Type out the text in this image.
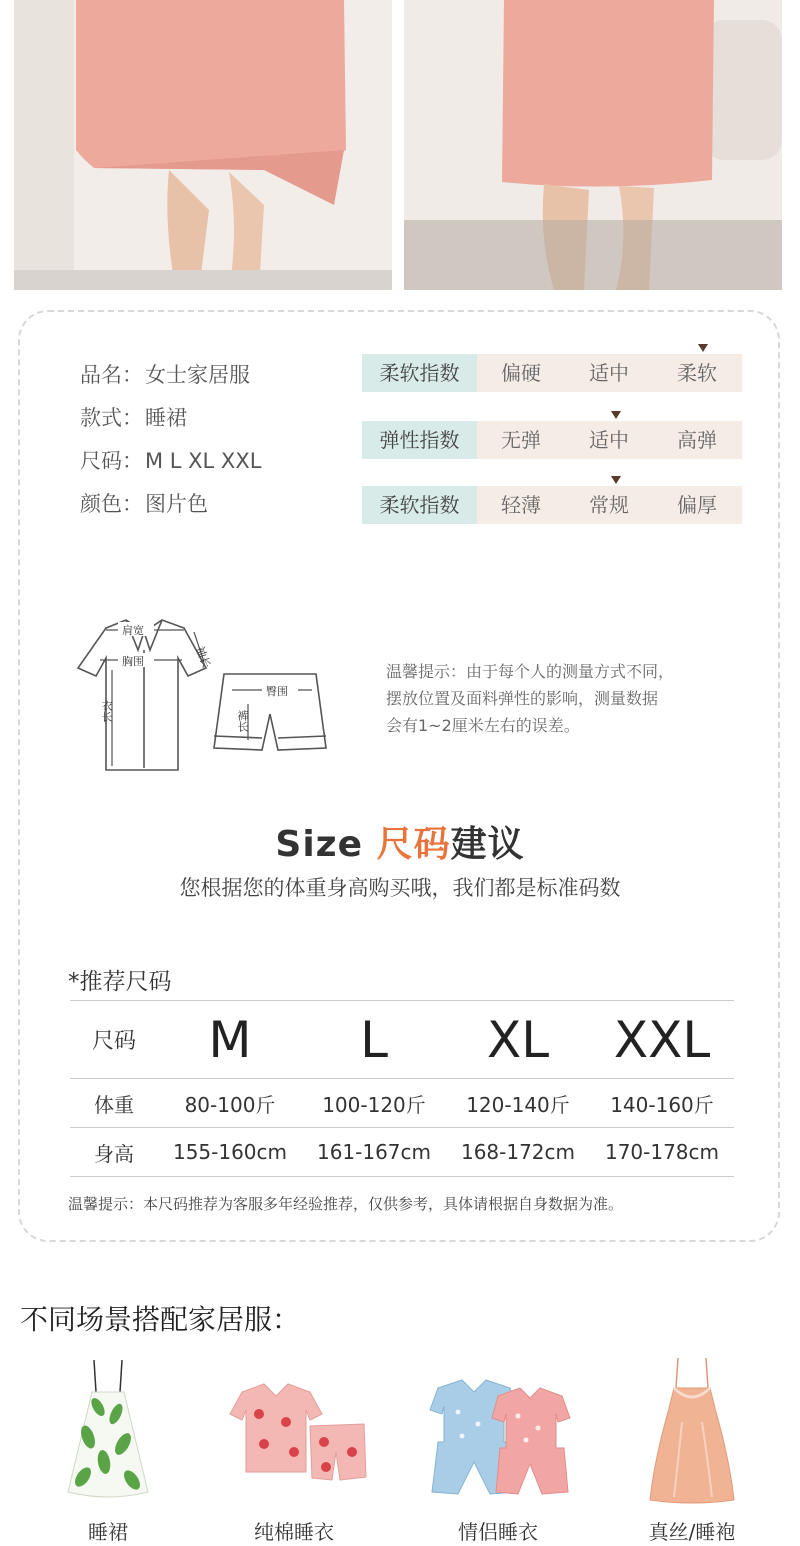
品名：女士家居服
款式：睡裙
尺码：M L XL XXL
颜色：图片色
柔软指数	偏硬	适中	柔软
弹性指数	无弹	适中	高弹
柔软指数	轻薄	常规	偏厚
肩宽
胸围	袖长
衣长
臀围
裤长
温馨提示：由于每个人的测量方式不同，
摆放位置及面料弹性的影响，测量数据
会有1~2厘米左右的误差。
Size 尺码建议
您根据您的体重身高购买哦，我们都是标准码数
*推荐尺码
尺码	M	L	XL	XXL
体重	80-100斤	100-120斤	120-140斤	140-160斤
身高	155-160cm	161-167cm	168-172cm	170-178cm
温馨提示：本尺码推荐为客服多年经验推荐，仅供参考，具体请根据自身数据为准。
不同场景搭配家居服：
睡裙	纯棉睡衣	情侣睡衣	真丝/睡袍
